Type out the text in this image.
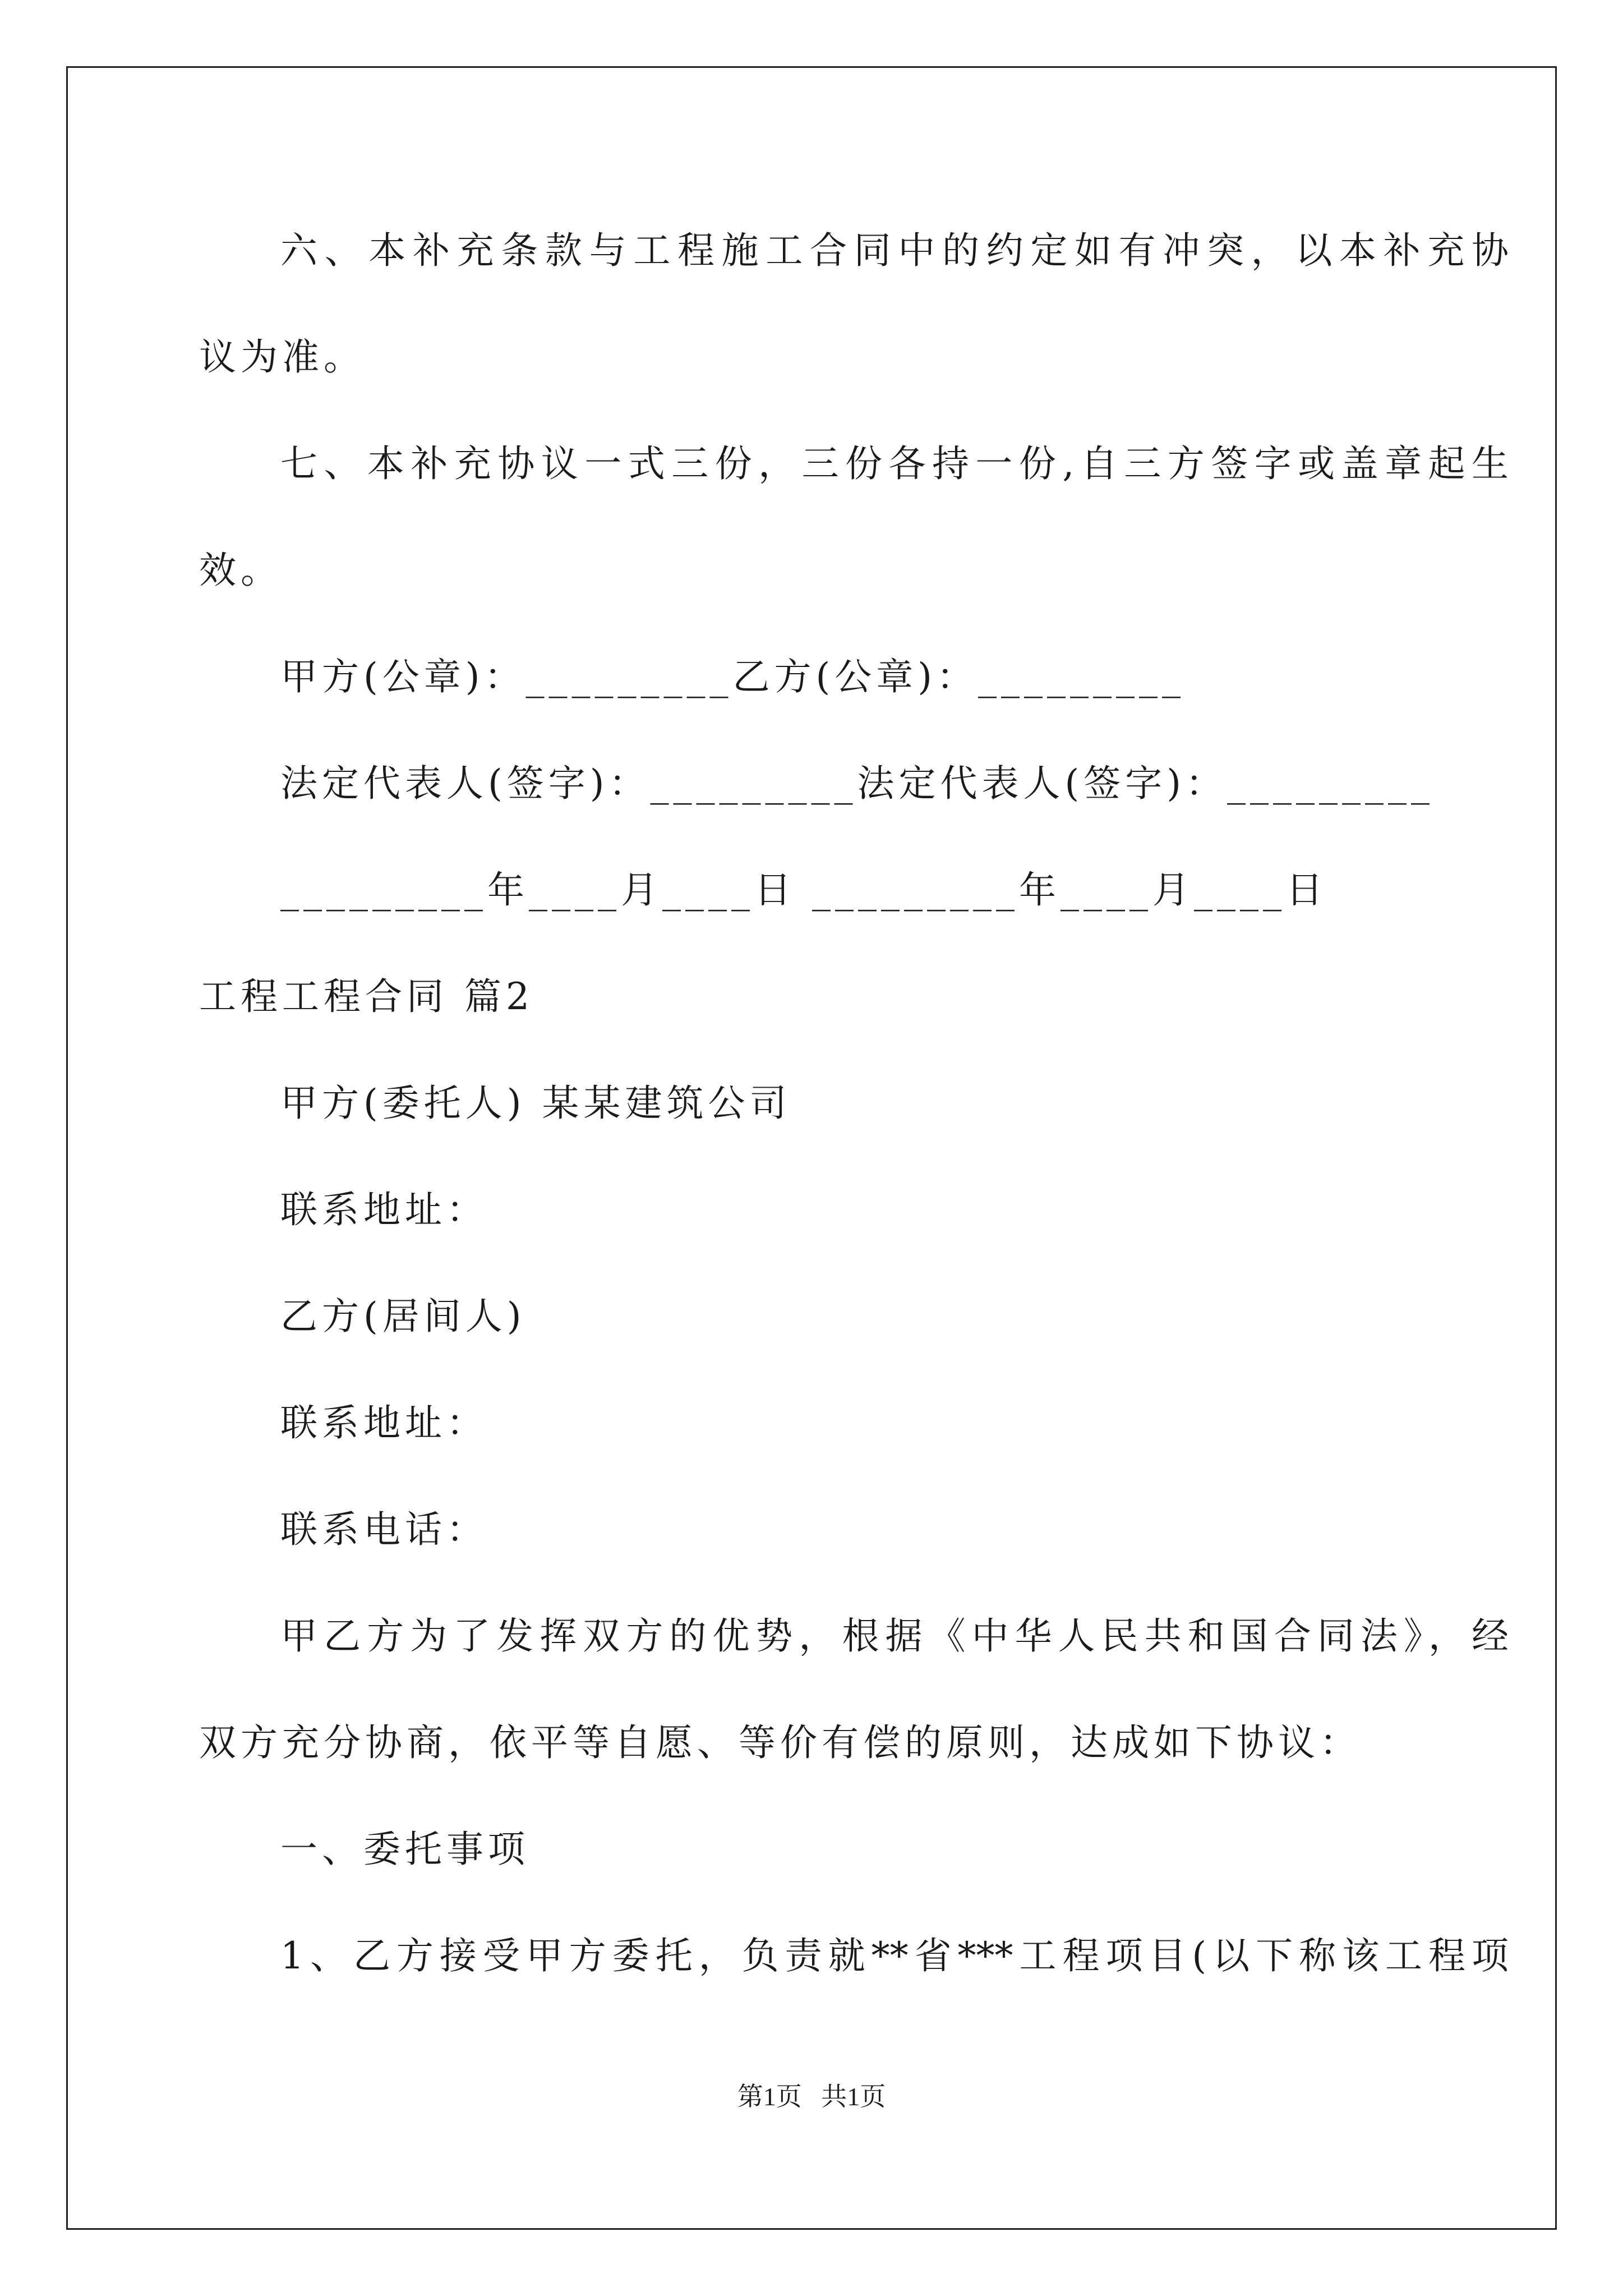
六、本补充条款与工程施工合同中的约定如有冲突，以本补充协
议为准。
七、本补充协议一式三份，三份各持一份,自三方签字或盖章起生
效。
甲方(公章)：_________乙方(公章)：_________
法定代表人(签字)：_________法定代表人(签字)：_________
_________年____月____日 _________年____月____日
工程工程合同 篇2
甲方(委托人) 某某建筑公司
联系地址：
乙方(居间人)
联系地址：
联系电话：
甲乙方为了发挥双方的优势，根据《中华人民共和国合同法》，经
双方充分协商，依平等自愿、等价有偿的原则，达成如下协议：
一、委托事项
1、乙方接受甲方委托，负责就**省***工程项目(以下称该工程项
第1页   共1页
